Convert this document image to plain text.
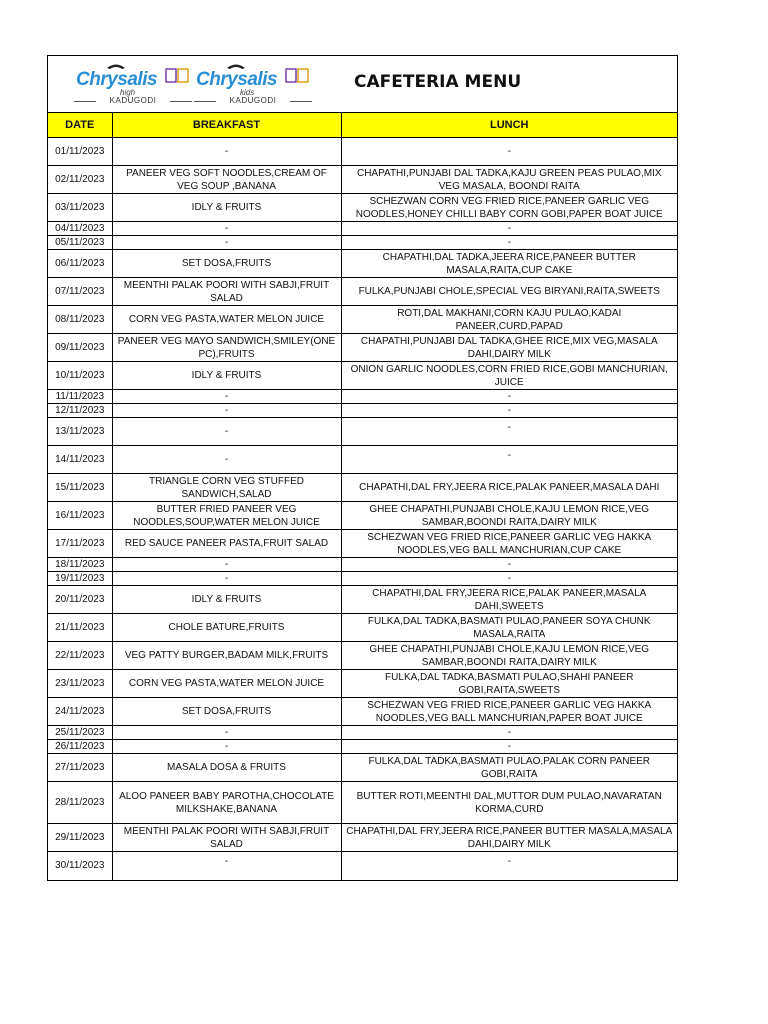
Chrysalis
high
KADUGODI
Chrysalis
kids
KADUGODI
CAFETERIA MENU
DATE	BREAKFAST	LUNCH
01/11/2023	-	-
02/11/2023	PANEER VEG SOFT NOODLES,CREAM OF VEG SOUP ,BANANA	CHAPATHI,PUNJABI DAL TADKA,KAJU GREEN PEAS PULAO,MIX VEG MASALA, BOONDI RAITA
03/11/2023	IDLY & FRUITS	SCHEZWAN CORN VEG FRIED RICE,PANEER GARLIC VEG NOODLES,HONEY CHILLI BABY CORN GOBI,PAPER BOAT JUICE
04/11/2023	-	-
05/11/2023	-	-
06/11/2023	SET DOSA,FRUITS	CHAPATHI,DAL TADKA,JEERA RICE,PANEER BUTTER MASALA,RAITA,CUP CAKE
07/11/2023	MEENTHI PALAK POORI WITH SABJI,FRUIT SALAD	FULKA,PUNJABI CHOLE,SPECIAL VEG BIRYANI,RAITA,SWEETS
08/11/2023	CORN VEG PASTA,WATER MELON JUICE	ROTI,DAL MAKHANI,CORN KAJU PULAO,KADAI PANEER,CURD,PAPAD
09/11/2023	PANEER VEG MAYO SANDWICH,SMILEY(ONE PC),FRUITS	CHAPATHI,PUNJABI DAL TADKA,GHEE RICE,MIX VEG,MASALA DAHI,DAIRY MILK
10/11/2023	IDLY & FRUITS	ONION GARLIC NOODLES,CORN FRIED RICE,GOBI MANCHURIAN, JUICE
11/11/2023	-	-
12/11/2023	-	-
13/11/2023	-	-
14/11/2023	-	-
15/11/2023	TRIANGLE CORN VEG STUFFED SANDWICH,SALAD	CHAPATHI,DAL FRY,JEERA RICE,PALAK PANEER,MASALA DAHI
16/11/2023	BUTTER FRIED PANEER VEG NOODLES,SOUP,WATER MELON JUICE	GHEE CHAPATHI,PUNJABI CHOLE,KAJU LEMON RICE,VEG SAMBAR,BOONDI RAITA,DAIRY MILK
17/11/2023	RED SAUCE PANEER PASTA,FRUIT SALAD	SCHEZWAN VEG FRIED RICE,PANEER GARLIC VEG HAKKA NOODLES,VEG BALL MANCHURIAN,CUP CAKE
18/11/2023	-	-
19/11/2023	-	-
20/11/2023	IDLY & FRUITS	CHAPATHI,DAL FRY,JEERA RICE,PALAK PANEER,MASALA DAHI,SWEETS
21/11/2023	CHOLE BATURE,FRUITS	FULKA,DAL TADKA,BASMATI PULAO,PANEER SOYA CHUNK MASALA,RAITA
22/11/2023	VEG PATTY BURGER,BADAM MILK,FRUITS	GHEE CHAPATHI,PUNJABI CHOLE,KAJU LEMON RICE,VEG SAMBAR,BOONDI RAITA,DAIRY MILK
23/11/2023	CORN VEG PASTA,WATER MELON JUICE	FULKA,DAL TADKA,BASMATI PULAO,SHAHI PANEER GOBI,RAITA,SWEETS
24/11/2023	SET DOSA,FRUITS	SCHEZWAN VEG FRIED RICE,PANEER GARLIC VEG HAKKA NOODLES,VEG BALL MANCHURIAN,PAPER BOAT JUICE
25/11/2023	-	-
26/11/2023	-	-
27/11/2023	MASALA DOSA & FRUITS	FULKA,DAL TADKA,BASMATI PULAO,PALAK CORN PANEER GOBI,RAITA
28/11/2023	ALOO PANEER BABY PAROTHA,CHOCOLATE MILKSHAKE,BANANA	BUTTER ROTI,MEENTHI DAL,MUTTOR DUM PULAO,NAVARATAN KORMA,CURD
29/11/2023	MEENTHI PALAK POORI WITH SABJI,FRUIT SALAD	CHAPATHI,DAL FRY,JEERA RICE,PANEER BUTTER MASALA,MASALA DAHI,DAIRY MILK
30/11/2023	-	-
